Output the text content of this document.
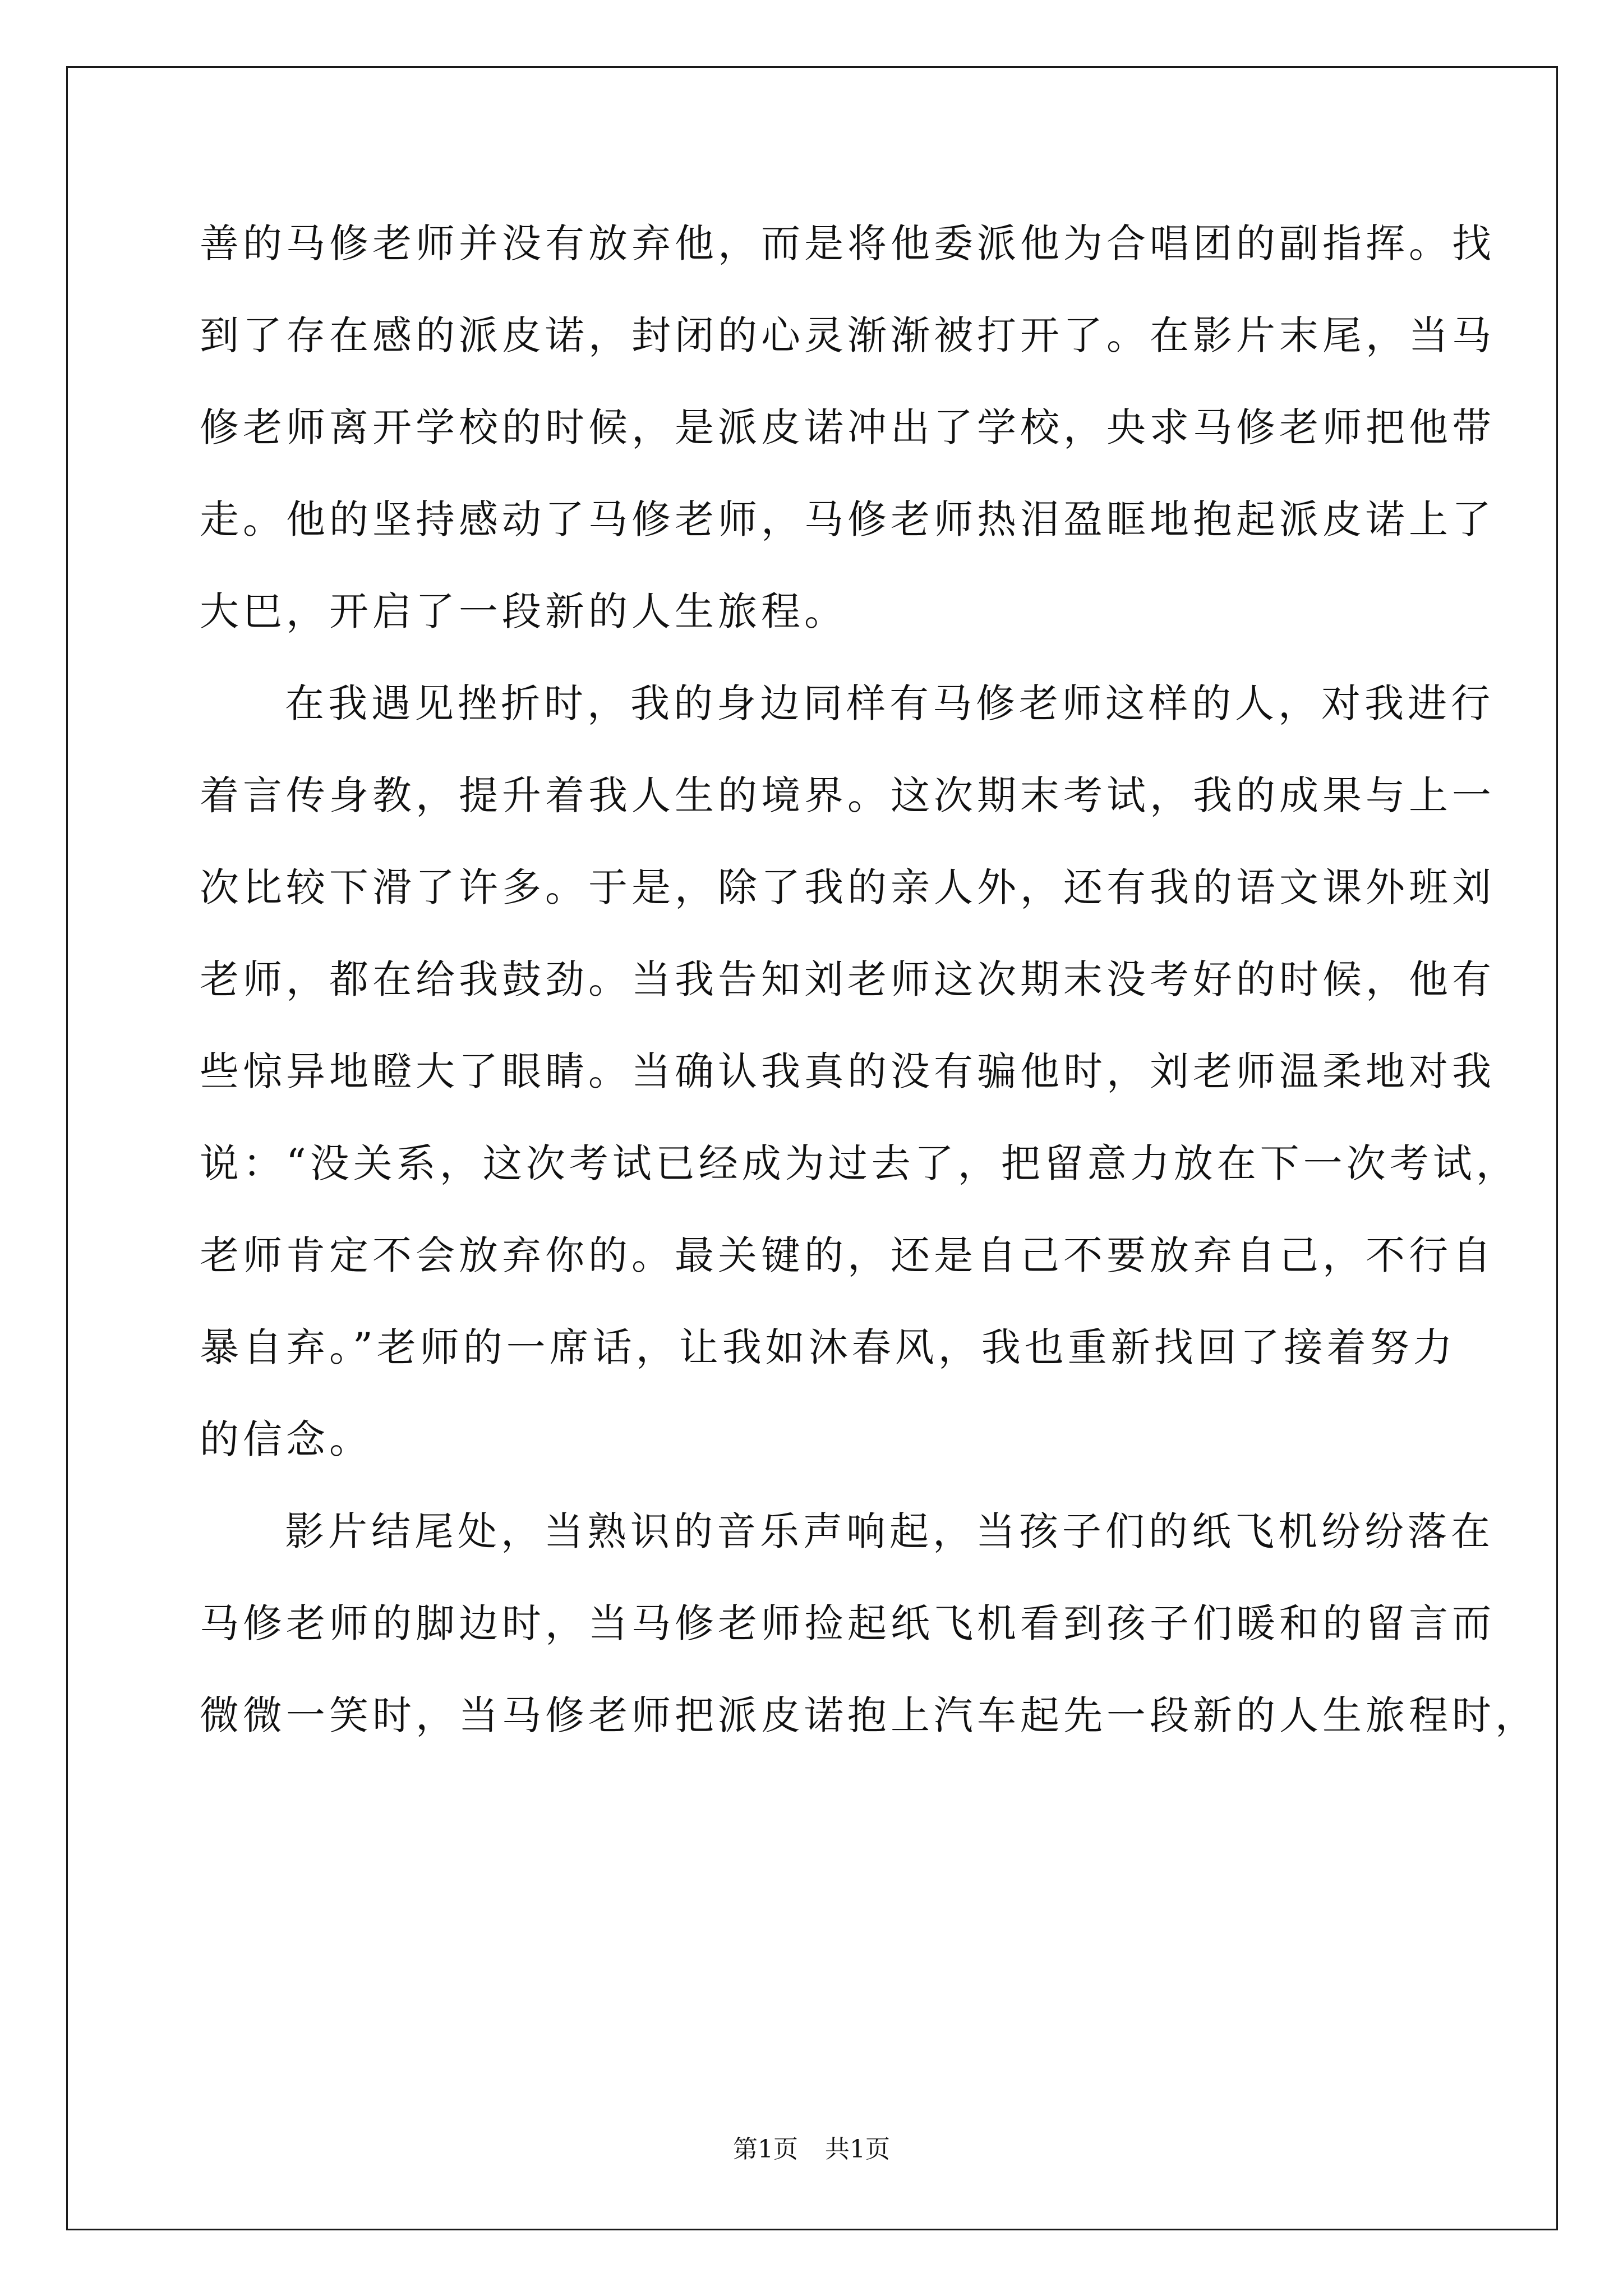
善的马修老师并没有放弃他，而是将他委派他为合唱团的副指挥。找
到了存在感的派皮诺，封闭的心灵渐渐被打开了。在影片末尾，当马
修老师离开学校的时候，是派皮诺冲出了学校，央求马修老师把他带
走。他的坚持感动了马修老师，马修老师热泪盈眶地抱起派皮诺上了
大巴，开启了一段新的人生旅程。
在我遇见挫折时，我的身边同样有马修老师这样的人，对我进行
着言传身教，提升着我人生的境界。这次期末考试，我的成果与上一
次比较下滑了许多。于是，除了我的亲人外，还有我的语文课外班刘
老师，都在给我鼓劲。当我告知刘老师这次期末没考好的时候，他有
些惊异地瞪大了眼睛。当确认我真的没有骗他时，刘老师温柔地对我
说：“没关系，这次考试已经成为过去了，把留意力放在下一次考试，
老师肯定不会放弃你的。最关键的，还是自己不要放弃自己，不行自
暴自弃。”老师的一席话，让我如沐春风，我也重新找回了接着努力
的信念。
影片结尾处，当熟识的音乐声响起，当孩子们的纸飞机纷纷落在
马修老师的脚边时，当马修老师捡起纸飞机看到孩子们暖和的留言而
微微一笑时，当马修老师把派皮诺抱上汽车起先一段新的人生旅程时，
第1页 共1页
